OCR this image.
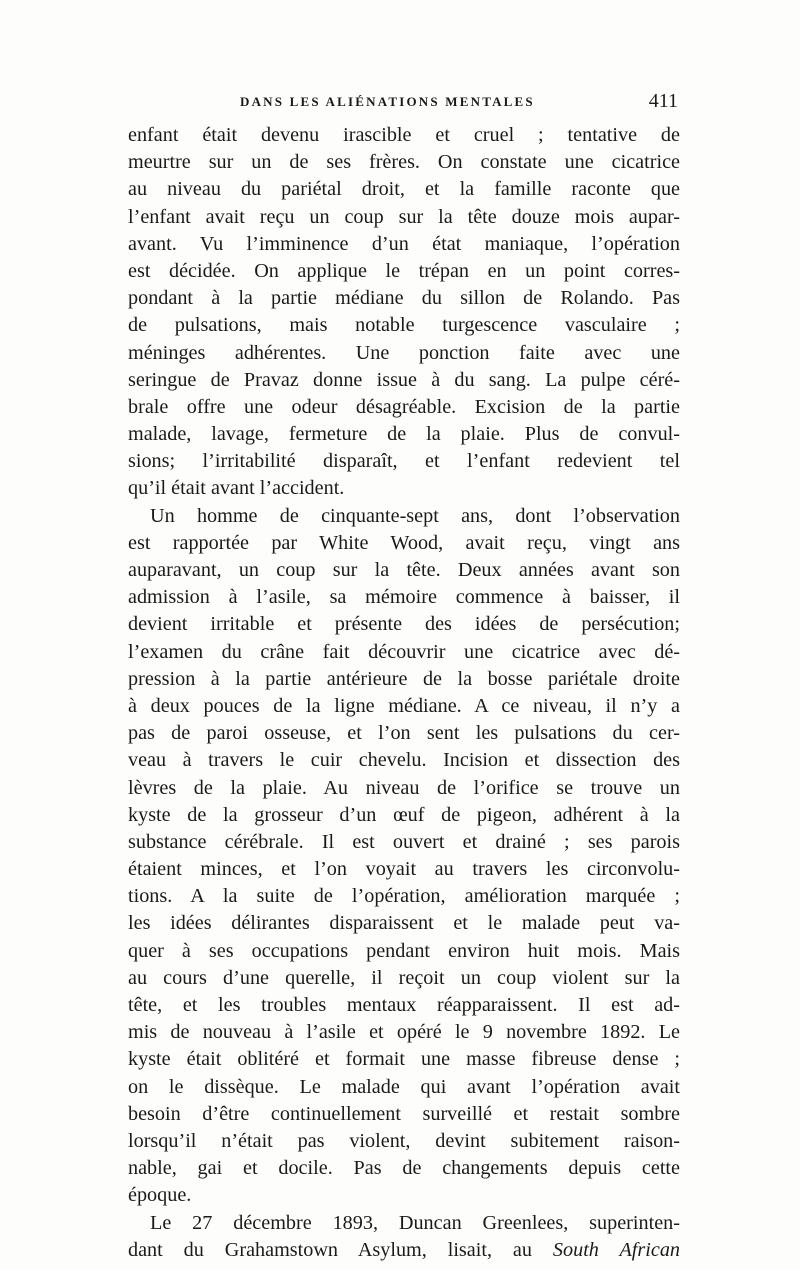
DANS LES ALIÉNATIONS MENTALES	411
enfant était devenu irascible et cruel ; tentative de
meurtre sur un de ses frères. On constate une cicatrice
au niveau du pariétal droit, et la famille raconte que
l’enfant avait reçu un coup sur la tête douze mois aupar-
avant. Vu l’imminence d’un état maniaque, l’opération
est décidée. On applique le trépan en un point corres-
pondant à la partie médiane du sillon de Rolando. Pas
de pulsations, mais notable turgescence vasculaire ;
méninges adhérentes. Une ponction faite avec une
seringue de Pravaz donne issue à du sang. La pulpe céré-
brale offre une odeur désagréable. Excision de la partie
malade, lavage, fermeture de la plaie. Plus de convul-
sions; l’irritabilité disparaît, et l’enfant redevient tel
qu’il était avant l’accident.
Un homme de cinquante-sept ans, dont l’observation
est rapportée par White Wood, avait reçu, vingt ans
auparavant, un coup sur la tête. Deux années avant son
admission à l’asile, sa mémoire commence à baisser, il
devient irritable et présente des idées de persécution;
l’examen du crâne fait découvrir une cicatrice avec dé-
pression à la partie antérieure de la bosse pariétale droite
à deux pouces de la ligne médiane. A ce niveau, il n’y a
pas de paroi osseuse, et l’on sent les pulsations du cer-
veau à travers le cuir chevelu. Incision et dissection des
lèvres de la plaie. Au niveau de l’orifice se trouve un
kyste de la grosseur d’un œuf de pigeon, adhérent à la
substance cérébrale. Il est ouvert et drainé ; ses parois
étaient minces, et l’on voyait au travers les circonvolu-
tions. A la suite de l’opération, amélioration marquée ;
les idées délirantes disparaissent et le malade peut va-
quer à ses occupations pendant environ huit mois. Mais
au cours d’une querelle, il reçoit un coup violent sur la
tête, et les troubles mentaux réapparaissent. Il est ad-
mis de nouveau à l’asile et opéré le 9 novembre 1892. Le
kyste était oblitéré et formait une masse fibreuse dense ;
on le dissèque. Le malade qui avant l’opération avait
besoin d’être continuellement surveillé et restait sombre
lorsqu’il n’était pas violent, devint subitement raison-
nable, gai et docile. Pas de changements depuis cette
époque.
Le 27 décembre 1893, Duncan Greenlees, superinten-
dant du Grahamstown Asylum, lisait, au South African
